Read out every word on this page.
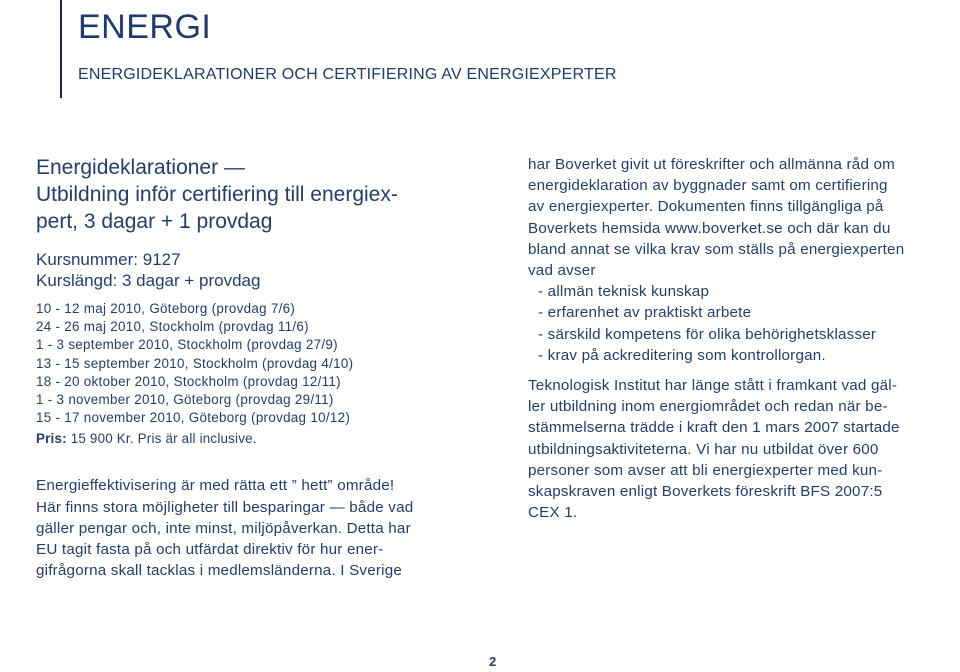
ENERGI
ENERGIDEKLARATIONER OCH CERTIFIERING AV ENERGIEXPERTER
Energideklarationer —
Utbildning inför certifiering till energiex-
pert, 3 dagar + 1 provdag
Kursnummer: 9127
Kurslängd: 3 dagar + provdag
10 - 12 maj 2010, Göteborg (provdag 7/6)
24 - 26 maj 2010, Stockholm (provdag 11/6)
1 - 3 september 2010, Stockholm (provdag 27/9)
13 - 15 september 2010, Stockholm (provdag 4/10)
18 - 20 oktober 2010, Stockholm (provdag 12/11)
1 - 3 november 2010, Göteborg (provdag 29/11)
15 - 17 november 2010, Göteborg (provdag 10/12)
Pris: 15 900 Kr. Pris är all inclusive.
Energieffektivisering är med rätta ett ” hett” område!
Här finns stora möjligheter till besparingar — både vad
gäller pengar och, inte minst, miljöpåverkan. Detta har
EU tagit fasta på och utfärdat direktiv för hur ener-
gifrågorna skall tacklas i medlemsländerna. I Sverige
har Boverket givit ut föreskrifter och allmänna råd om
energideklaration av byggnader samt om certifiering
av energiexperter. Dokumenten finns tillgängliga på
Boverkets hemsida www.boverket.se och där kan du
bland annat se vilka krav som ställs på energiexperten
vad avser
- allmän teknisk kunskap
- erfarenhet av praktiskt arbete
- särskild kompetens för olika behörighetsklasser
- krav på ackreditering som kontrollorgan.
Teknologisk Institut har länge stått i framkant vad gäl-
ler utbildning inom energiområdet och redan när be-
stämmelserna trädde i kraft den 1 mars 2007 startade
utbildningsaktiviteterna. Vi har nu utbildat över 600
personer som avser att bli energiexperter med kun-
skapskraven enligt Boverkets föreskrift BFS 2007:5
CEX 1.
2
